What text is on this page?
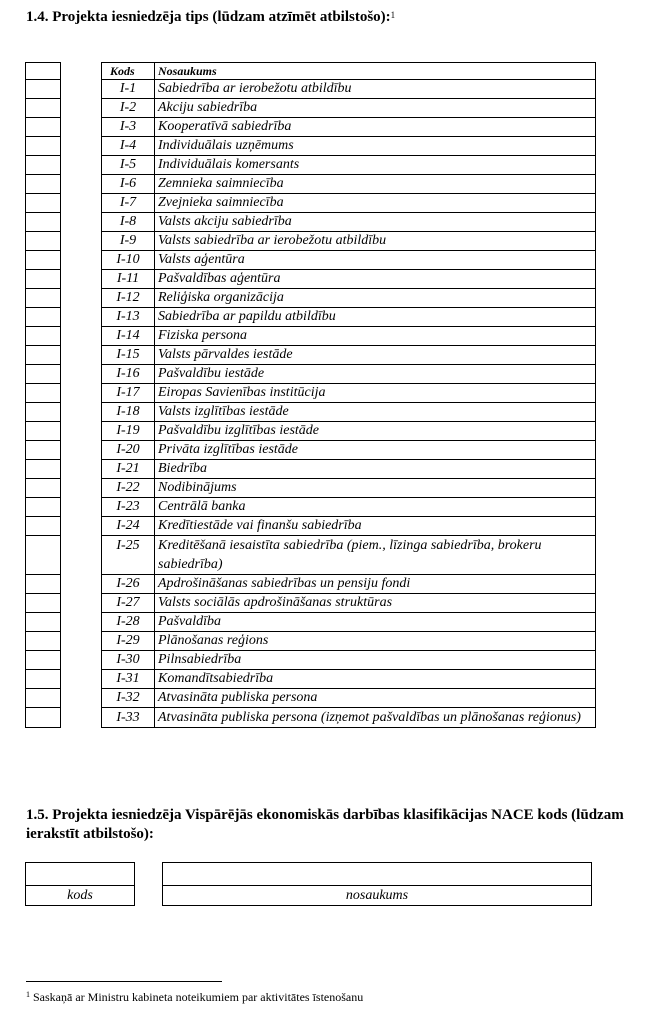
1.4. Projekta iesniedzēja tips (lūdzam atzīmēt atbilstošo):$^1$

Kods	Nosaukums
I-1	Sabiedrība ar ierobežotu atbildību
I-2	Akciju sabiedrība
I-3	Kooperatīvā sabiedrība
I-4	Individuālais uzņēmums
I-5	Individuālais komersants
I-6	Zemnieka saimniecība
I-7	Zvejnieka saimniecība
I-8	Valsts akciju sabiedrība
I-9	Valsts sabiedrība ar ierobežotu atbildību
I-10	Valsts aģentūra
I-11	Pašvaldības aģentūra
I-12	Reliģiska organizācija
I-13	Sabiedrība ar papildu atbildību
I-14	Fiziska persona
I-15	Valsts pārvaldes iestāde
I-16	Pašvaldību iestāde
I-17	Eiropas Savienības institūcija
I-18	Valsts izglītības iestāde
I-19	Pašvaldību izglītības iestāde
I-20	Privāta izglītības iestāde
I-21	Biedrība
I-22	Nodibinājums
I-23	Centrālā banka
I-24	Kredītiestāde vai finanšu sabiedrība
I-25	Kreditēšanā iesaistīta sabiedrība (piem., līzinga sabiedrība, brokeru sabiedrība)
I-26	Apdrošināšanas sabiedrības un pensiju fondi
I-27	Valsts sociālās apdrošināšanas struktūras
I-28	Pašvaldība
I-29	Plānošanas reģions
I-30	Pilnsabiedrība
I-31	Komandītsabiedrība
I-32	Atvasināta publiska persona
I-33	Atvasināta publiska persona (izņemot pašvaldības un plānošanas reģionus)
1.5. Projekta iesniedzēja Vispārējās ekonomiskās darbības klasifikācijas NACE kods (lūdzam ierakstīt atbilstošo):

kods	nosaukums
$^1$ Saskaņā ar Ministru kabineta noteikumiem par aktivitātes īstenošanu
